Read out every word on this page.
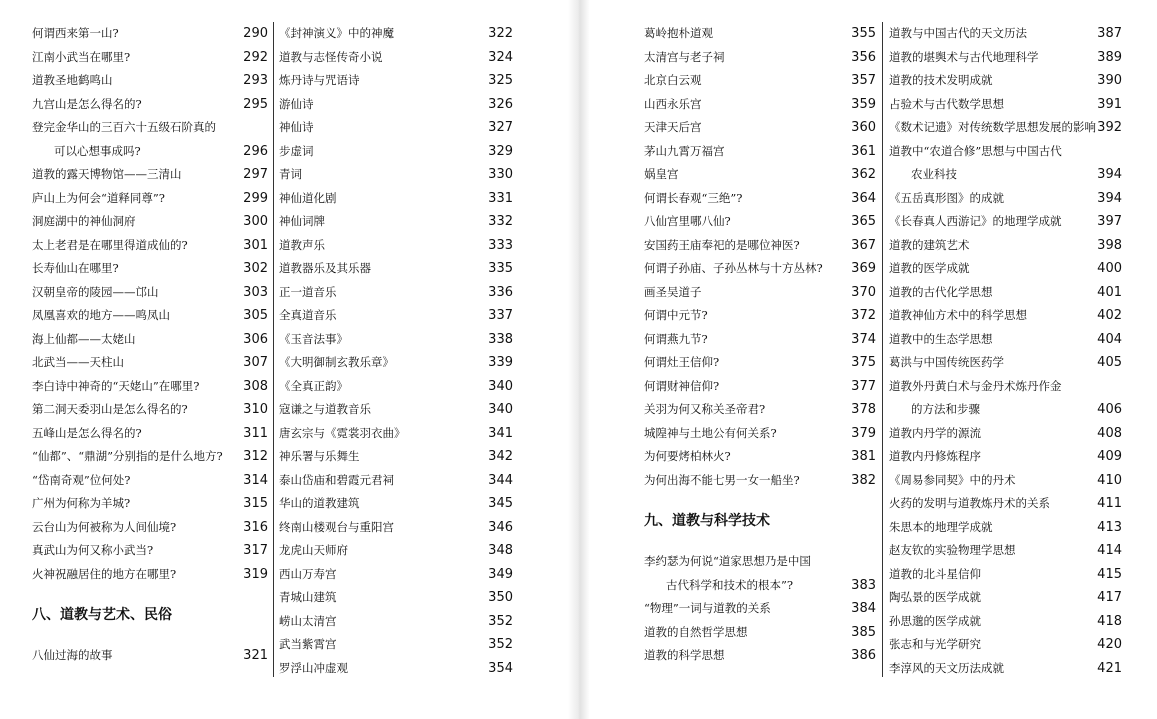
何谓西来第一山?	290
江南小武当在哪里?	292
道教圣地鹤鸣山	293
九宫山是怎么得名的?	295
登完金华山的三百六十五级石阶真的
可以心想事成吗?	296
道教的露天博物馆——三清山	297
庐山上为何会“道释同尊”?	299
洞庭湖中的神仙洞府	300
太上老君是在哪里得道成仙的?	301
长寿仙山在哪里?	302
汉朝皇帝的陵园——邙山	303
凤凰喜欢的地方——鸣凤山	305
海上仙都——太姥山	306
北武当——天柱山	307
李白诗中神奇的“天姥山”在哪里?	308
第二洞天委羽山是怎么得名的?	310
五峰山是怎么得名的?	311
“仙都”、“鼎湖”分别指的是什么地方? 312
“岱南奇观”位何处?	314
广州为何称为羊城?	315
云台山为何被称为人间仙境?	316
真武山为何又称小武当?	317
火神祝融居住的地方在哪里?	319
八、道教与艺术、民俗
八仙过海的故事	321
《封神演义》中的神魔	322
道教与志怪传奇小说	324
炼丹诗与咒语诗	325
游仙诗	326
神仙诗	327
步虚词	329
青词	330
神仙道化剧	331
神仙词牌	332
道教声乐	333
道教器乐及其乐器	335
正一道音乐	336
全真道音乐	337
《玉音法事》	338
《大明御制玄教乐章》	339
《全真正韵》	340
寇谦之与道教音乐	340
唐玄宗与《霓裳羽衣曲》	341
神乐署与乐舞生	342
泰山岱庙和碧霞元君祠	344
华山的道教建筑	345
终南山楼观台与重阳宫	346
龙虎山天师府	348
西山万寿宫	349
青城山建筑	350
崂山太清宫	352
武当紫霄宫	352
罗浮山冲虚观	354
葛岭抱朴道观	355
太清宫与老子祠	356
北京白云观	357
山西永乐宫	359
天津天后宫	360
茅山九霄万福宫	361
娲皇宫	362
何谓长春观“三绝”?	364
八仙宫里哪八仙?	365
安国药王庙奉祀的是哪位神医?	367
何谓子孙庙、子孙丛林与十方丛林? 369
画圣吴道子	370
何谓中元节?	372
何谓燕九节?	374
何谓灶王信仰?	375
何谓财神信仰?	377
关羽为何又称关圣帝君?	378
城隍神与土地公有何关系?	379
为何要烤柏林火?	381
为何出海不能七男一女一船坐?	382
九、道教与科学技术
李约瑟为何说“道家思想乃是中国
古代科学和技术的根本”?	383
“物理”一词与道教的关系	384
道教的自然哲学思想	385
道教的科学思想	386
道教与中国古代的天文历法	387
道教的堪舆术与古代地理科学	389
道教的技术发明成就	390
占验术与古代数学思想	391
《数术记遗》对传统数学思想发展的影响 392
道教中“农道合修”思想与中国古代
农业科技	394
《五岳真形图》的成就	394
《长春真人西游记》的地理学成就	397
道教的建筑艺术	398
道教的医学成就	400
道教的古代化学思想	401
道教神仙方术中的科学思想	402
道教中的生态学思想	404
葛洪与中国传统医药学	405
道教外丹黄白术与金丹术炼丹作金
的方法和步骤	406
道教内丹学的源流	408
道教内丹修炼程序	409
《周易参同契》中的丹术	410
火药的发明与道教炼丹术的关系	411
朱思本的地理学成就	413
赵友钦的实验物理学思想	414
道教的北斗星信仰	415
陶弘景的医学成就	417
孙思邈的医学成就	418
张志和与光学研究	420
李淳风的天文历法成就	421
